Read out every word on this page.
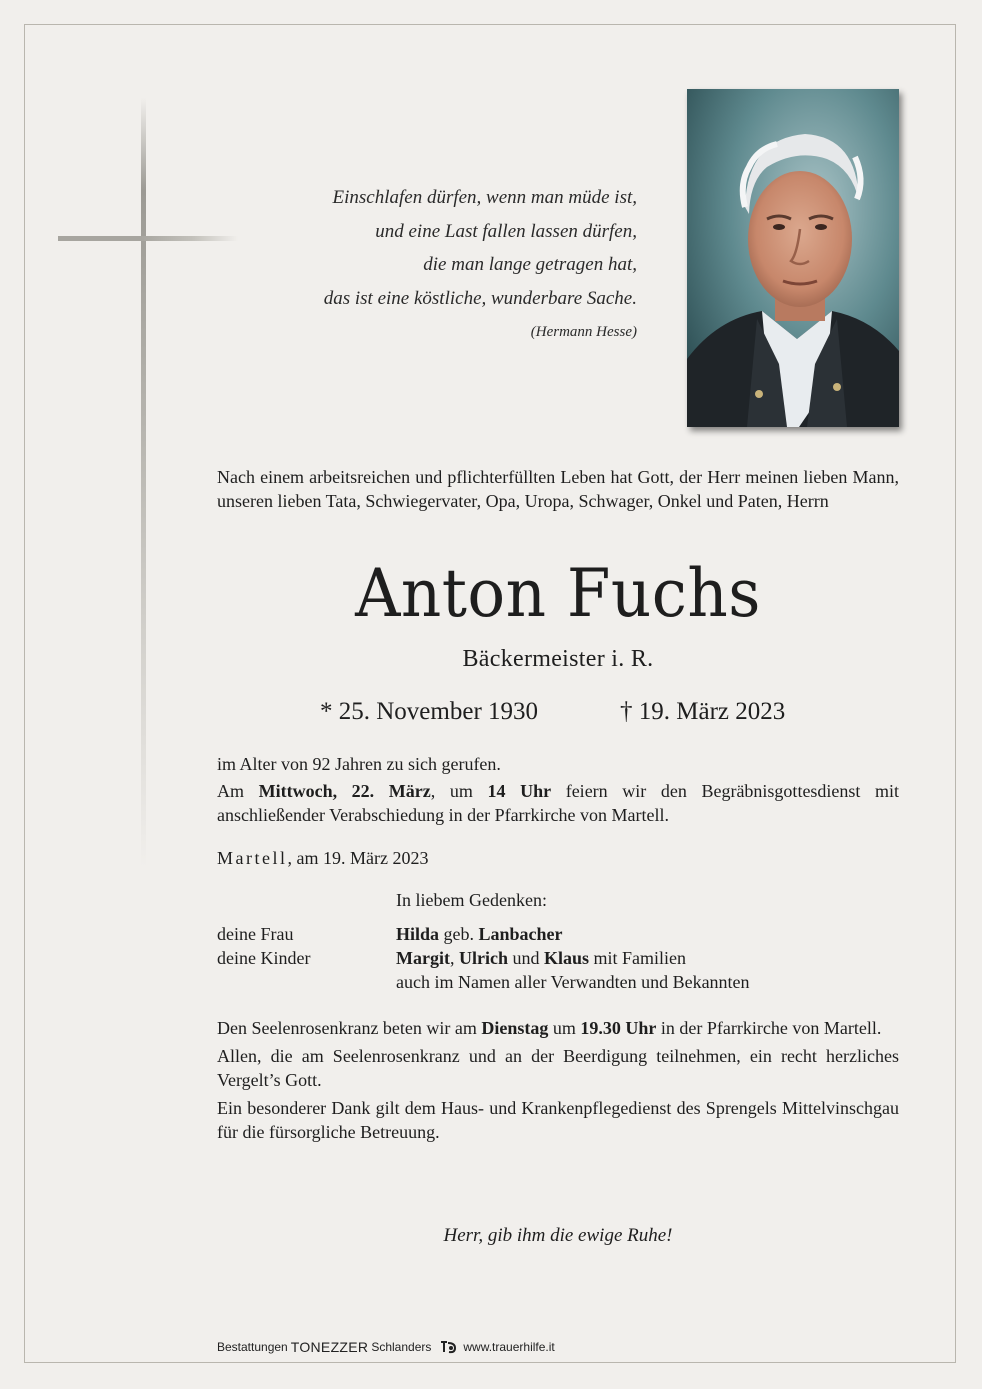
Einschlafen dürfen, wenn man müde ist,
und eine Last fallen lassen dürfen,
die man lange getragen hat,
das ist eine köstliche, wunderbare Sache.
(Hermann Hesse)

Nach einem arbeitsreichen und pflichterfüllten Leben hat Gott, der Herr meinen lieben Mann, unseren lieben Tata, Schwiegervater, Opa, Uropa, Schwager, Onkel und Paten, Herrn

Anton Fuchs
Bäckermeister i. R.
* 25. November 1930	† 19. März 2023

im Alter von 92 Jahren zu sich gerufen.

Am Mittwoch, 22. März, um 14 Uhr feiern wir den Begräbnisgottesdienst mit anschließender Verabschiedung in der Pfarrkirche von Martell.

Martell, am 19. März 2023

In liebem Gedenken:
deine Frau	Hilda geb. Lanbacher
deine Kinder	Margit, Ulrich und Klaus mit Familien
auch im Namen aller Verwandten und Bekannten

Den Seelenrosenkranz beten wir am Dienstag um 19.30 Uhr in der Pfarrkirche von Martell.

Allen, die am Seelenrosenkranz und an der Beerdigung teilnehmen, ein recht herzliches Vergelt’s Gott.

Ein besonderer Dank gilt dem Haus- und Krankenpflegedienst des Sprengels Mittelvinschgau für die fürsorgliche Betreuung.

Herr, gib ihm die ewige Ruhe!
Bestattungen TONEZZER Schlanders	www.trauerhilfe.it
